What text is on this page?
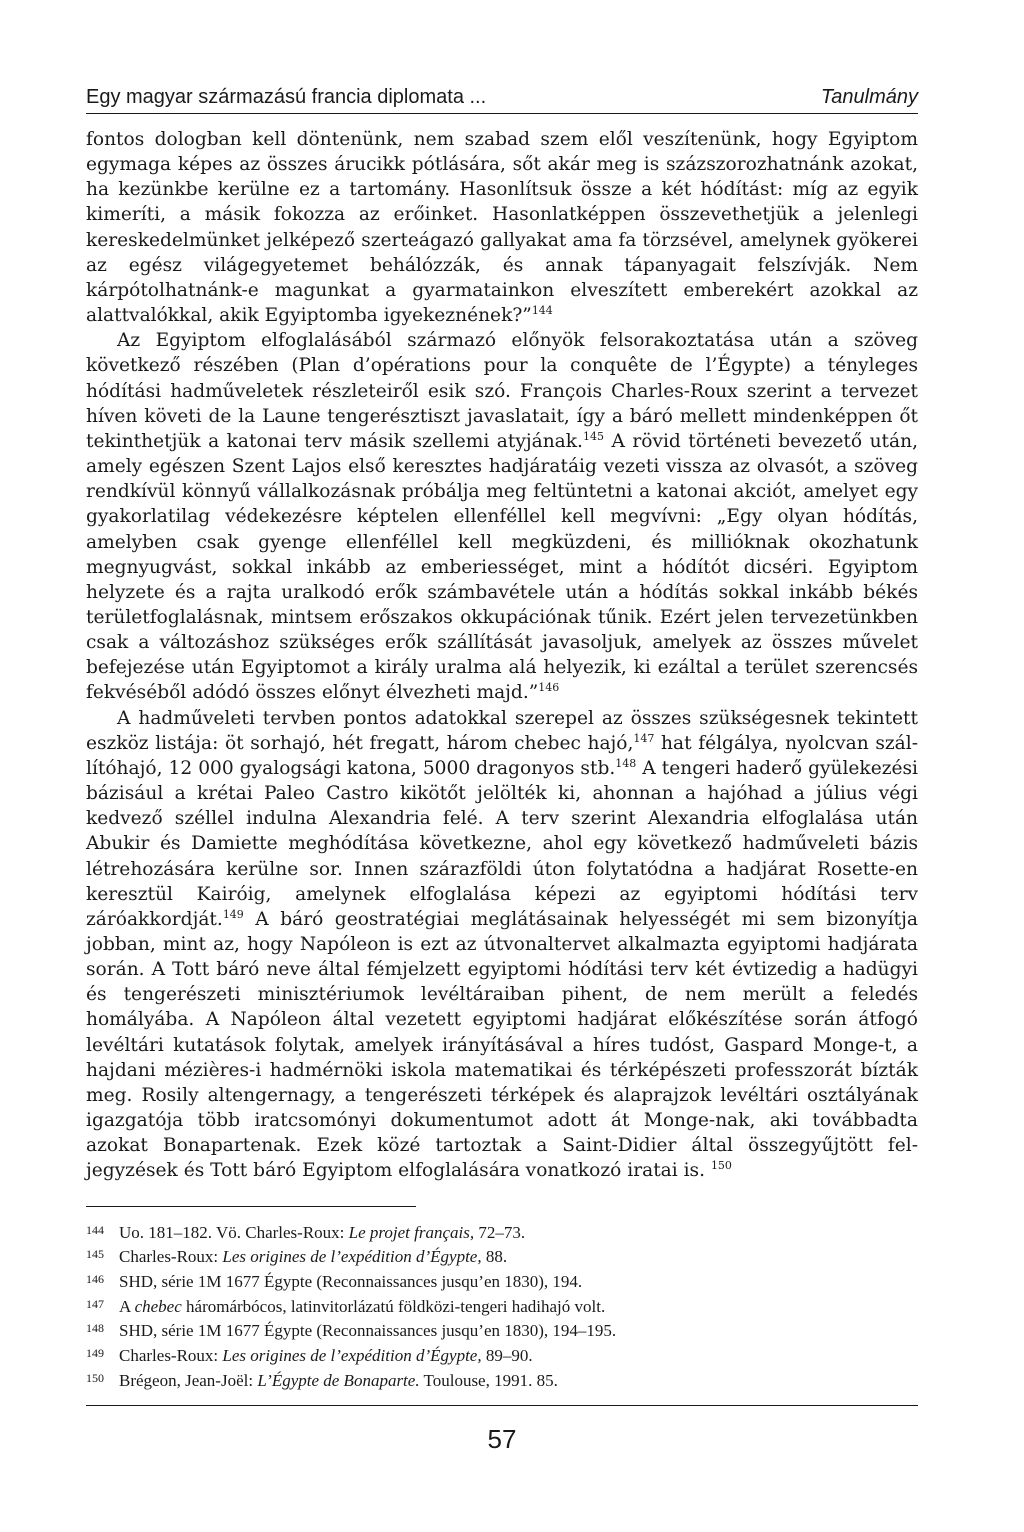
Egy magyar származású francia diplomata ...	Tanulmány

fontos dologban kell döntenünk, nem szabad szem elől veszítenünk, hogy Egyiptom egymaga képes az összes árucikk pótlására, sőt akár meg is százszorozhatnánk azokat, ha kezünkbe kerülne ez a tartomány. Hasonlítsuk össze a két hódítást: míg az egyik kimeríti, a másik fokozza az erőinket. Hasonlatképpen összevethetjük a jelenlegi kereskedelmünket jelképező szerteágazó gallyakat ama fa törzsével, amelynek gyökerei az egész világegyetemet behálózzák, és annak tápanyagait felszívják. Nem kárpótolhatnánk-e magunkat a gyarmatainkon elveszített emberekért azokkal az alattvalókkal, akik Egyiptomba igyekeznének?”$^{144}$

Az Egyiptom elfoglalásából származó előnyök felsorakoztatása után a szöveg következő részében (Plan d’opérations pour la conquête de l’Égypte) a tényleges hódítási hadműveletek részleteiről esik szó. François Charles-Roux szerint a tervezet híven követi de la Laune tengerésztiszt javaslatait, így a báró mellett mindenképpen őt tekinthetjük a katonai terv másik szellemi atyjának.$^{145}$ A rövid történeti bevezető után, amely egészen Szent Lajos első keresztes hadjáratáig vezeti vissza az olvasót, a szöveg rendkívül könnyű vállalkozásnak próbálja meg feltüntetni a katonai akciót, amelyet egy gyakorlatilag védekezésre képtelen ellenféllel kell megvívni: „Egy olyan hódítás, amelyben csak gyenge ellenféllel kell megküzdeni, és millióknak okozhatunk megnyugvást, sokkal inkább az emberiességet, mint a hódítót dicséri. Egyiptom helyzete és a rajta uralkodó erők számbavétele után a hódítás sokkal inkább békés területfoglalásnak, mintsem erőszakos okkupációnak tűnik. Ezért jelen tervezetünkben csak a változáshoz szükséges erők szállítását javasoljuk, amelyek az összes művelet befejezése után Egyiptomot a király uralma alá helyezik, ki ezáltal a terület szerencsés fekvéséből adódó összes előnyt élvezheti majd.”$^{146}$

A hadműveleti tervben pontos adatokkal szerepel az összes szükségesnek tekintett eszköz listája: öt sorhajó, hét fregatt, három chebec hajó,$^{147}$ hat félgálya, nyolcvan szállítóhajó, 12 000 gyalogsági katona, 5000 dragonyos stb.$^{148}$ A tengeri haderő gyülekezési bázisául a krétai Paleo Castro kikötőt jelölték ki, ahonnan a hajóhad a július végi kedvező széllel indulna Alexandria felé. A terv szerint Alexandria elfoglalása után Abukir és Damiette meghódítása következne, ahol egy következő hadműveleti bázis létrehozására kerülne sor. Innen szárazföldi úton folytatódna a hadjárat Rosette-en keresztül Kairóig, amelynek elfoglalása képezi az egyiptomi hódítási terv záróakkordját.$^{149}$ A báró geostratégiai meglátásainak helyességét mi sem bizonyítja jobban, mint az, hogy Napóleon is ezt az útvonaltervet alkalmazta egyiptomi hadjárata során. A Tott báró neve által fémjelzett egyiptomi hódítási terv két évtizedig a hadügyi és tengerészeti minisztériumok levéltáraiban pihent, de nem merült a feledés homályába. A Napóleon által vezetett egyiptomi hadjárat előkészítése során átfogó levéltári kutatások folytak, amelyek irányításával a híres tudóst, Gaspard Monge-t, a hajdani mézières-i hadmérnöki iskola matematikai és térképészeti professzorát bízták meg. Rosily altengernagy, a tengerészeti térképek és alaprajzok levéltári osztályának igazgatója több iratcsomónyi dokumentumot adott át Monge-nak, aki továbbadta azokat Bonapartenak. Ezek közé tartoztak a Saint-Didier által összegyűjtött feljegyzések és Tott báró Egyiptom elfoglalására vonatkozó iratai is. $^{150}$

144 Uo. 181–182. Vö. Charles-Roux: Le projet français, 72–73.
145 Charles-Roux: Les origines de l’expédition d’Égypte, 88.
146 SHD, série 1M 1677 Égypte (Reconnaissances jusqu’en 1830), 194.
147 A chebec háromárbócos, latinvitorlázatú földközi-tengeri hadihajó volt.
148 SHD, série 1M 1677 Égypte (Reconnaissances jusqu’en 1830), 194–195.
149 Charles-Roux: Les origines de l’expédition d’Égypte, 89–90.
150 Brégeon, Jean-Joël: L’Égypte de Bonaparte. Toulouse, 1991. 85.
57
